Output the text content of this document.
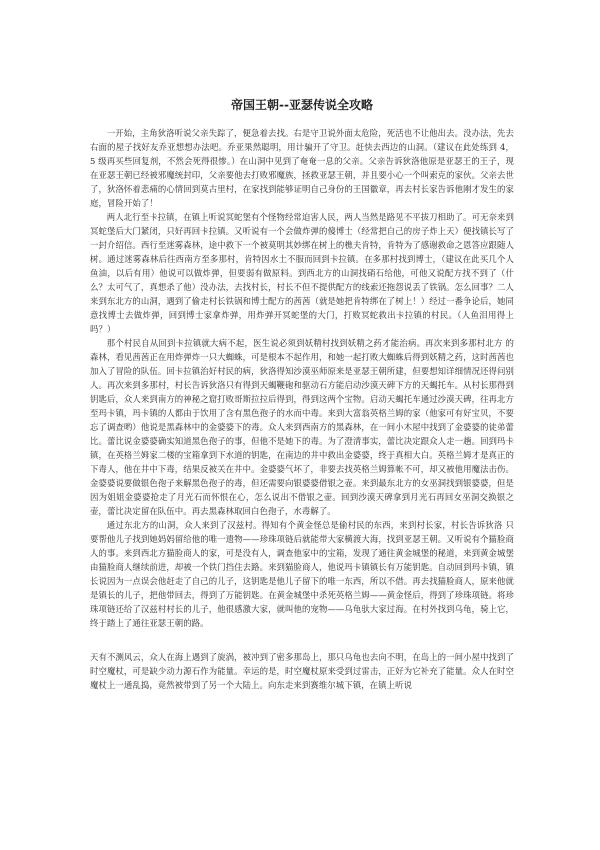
帝国王朝--亚瑟传说全攻略

一开始，主角狄洛听说父亲失踪了，便急着去找。右是守卫说外面太危险，死活也不让他出去。没办法，先去右面的屋子找好友乔亚想想办法吧。乔亚果然聪明，用计骗开了守卫。赶快去西边的山洞。（建议在此处练到 4，5 级再买些回复剂，不然会死得很惨。）在山洞中见到了奄奄一息的父亲。父亲告诉狄洛他原是亚瑟王的王子，现在亚瑟王朝已经被邪魔统封印，父亲要他去打败邪魔族，拯救亚瑟王朝，并且要小心一个叫索克的家伙。父亲去世了，狄洛怀着悲痛的心情回到莫古里村，在家找到能够证明自己身份的王国徽章，再去村长家告诉他刚才发生的家庭，冒险开始了！

两人北行至卡拉镇，在镇上听说冥蛇堡有个怪物经常迫害人民，两人当然是路见不平拔刀相助了。可无奈来到冥蛇堡后大门紧闭，只好再回卡拉镇。又听说有一个会做炸弹的傻博士（经常把自己的房子炸上天）便找镇长写了一封介绍信。西行至迷雾森林，途中救下一个被莫明其妙绑在树上的樵夫肯特，肯特为了感谢救命之恩答应跟随人树。通过迷雾森林后往西南方至多那村，肯特因水土不服而回到卡拉镇。在多那村找到博士，（建议在此买几个人鱼油，以后有用）他说可以做炸弹，但要弱有做原料。到西北方的山洞找硝石给他，可他又说配方找不到了（什么？太可气了，真想杀了他）没办法，去找村长，村长不但不提供配方的线索还拖怨说丢了铁锅。怎么回事？二人来到东北方的山洞，遇到了偷走村长铁锅和博士配方的茜茜（就是她把肯特绑在了树上！）经过一番争论后，她同意找博士去做炸弹，回到博士家拿炸弹，用炸弹开冥蛇堡的大门，打败冥蛇救出卡拉镇的村民。（人鱼泪用得上吗？）

那个村民自从回到卡拉镇就大病不起，医生说必须到妖精村找到妖精之药才能治病。再次来到多那村北方 的森林，看见茜茜正在用炸弹炸一只大蜘蛛，可是根本不起作用，和她一起打败大蜘蛛后得到妖精之药，这时茜茜也加入了冒险的队伍。回卡拉镇治好村民的病，狄洛得知沙漠巫师原来是亚瑟王朝所建，但要想知详细情况还得问别人。再次来到多那村，村长告诉狄洛只有得到天蝎鞭砲和驱动石方能启动沙漠天碑下方的天蝎托车。从村长那得到钥匙后，众人来到南方的神秘之窟打败哥斯拉拉后得到，得到这两个宝物。启动天蝎托车通过沙漠天碑，往再北方至玛卡镇，玛卡镇的人都由于饮用了含有黑色孢子的水而中毒。来到大富翁英格兰姆的家（他家可有好宝贝，不要忘了调查哟）他说是黑森林中的金婆婆下的毒。众人来到西南方的黑森林，在一间小木屋中找到了金婆婆的徒弟蕾比。蕾比说金婆婆确实知道黑色孢子的事，但他不是她下的毒。为了澄清事实，蕾比决定跟众人走一趟。回到玛卡镇，在英格兰姆家二楼的宝箱拿到下水道的钥匙，在南边的井中救出金婆婆，终于真相大白。英格兰姆才是真正的下毒人，他在井中下毒，结果反被关在井中。金婆婆气坏了，非要去找英格兰姆算帐不可，却又被他用魔法击伤。金婆婆说要做银色孢子来解黑色孢子的毒，但还需要向银婆婆借银之壶。来到最东北方的女巫洞找到银婆婆，但是因为姐姐金婆婆抢走了月光石而怀恨在心，怎么说出不借银之壶。回到沙漠天碑拿到月光石再回女巫洞交换银之壶，蕾比决定留在队伍中。再去黑森林取回白色孢子，水毒解了。

通过东北方的山洞，众人来到了汉兹村。得知有个黄金怪总是偷村民的东西，来到村长家，村长告诉狄洛 只要帮他儿子找到她妈妈留给他的唯一遗物——珍珠项链后就能带大家横渡大海，找到亚瑟王朝。又听说有个猫脸商人的事。来到西北方猫脸商人的家，可是没有人，调查他家中的宝箱，发现了通往黄金城堡的秘道，来到黄金城堡由猫脸商人继续前进，却被一个铁门挡住去路。来到猫脸商人，他说玛卡镇镇长有万能钥匙。自动回到玛卡镇，镇长说因为一点误会他赶走了自己的儿子，这钥匙是他儿子留下的唯一东西，所以不借。再去找猫脸商人，原来他就是镇长的儿子，把他带回去，得到了万能钥匙。在黄金城堡中杀死英格兰姆——黄金怪后，得到了珍珠项链。将珍珠项链还给了汉兹村村长的儿子，他很感激大家，就叫他的宠物——乌龟驮大家过海。在村外找到乌龟，骑上它，终于踏上了通往亚瑟王朝的路。

天有不测风云，众人在海上遇到了旋涡，被冲到了密多那岛上，那只乌龟也去向不明，在岛上的一间小屋中找到了时空魔杖，可是缺少动力源石作为能量。幸运的是，时空魔杖原来受到过雷击，正好为它补充了能量。众人在时空魔杖上一通乱捣，竟然被带到了另一个大陆上。向东走来到赛维尔城下镇，在镇上听说
